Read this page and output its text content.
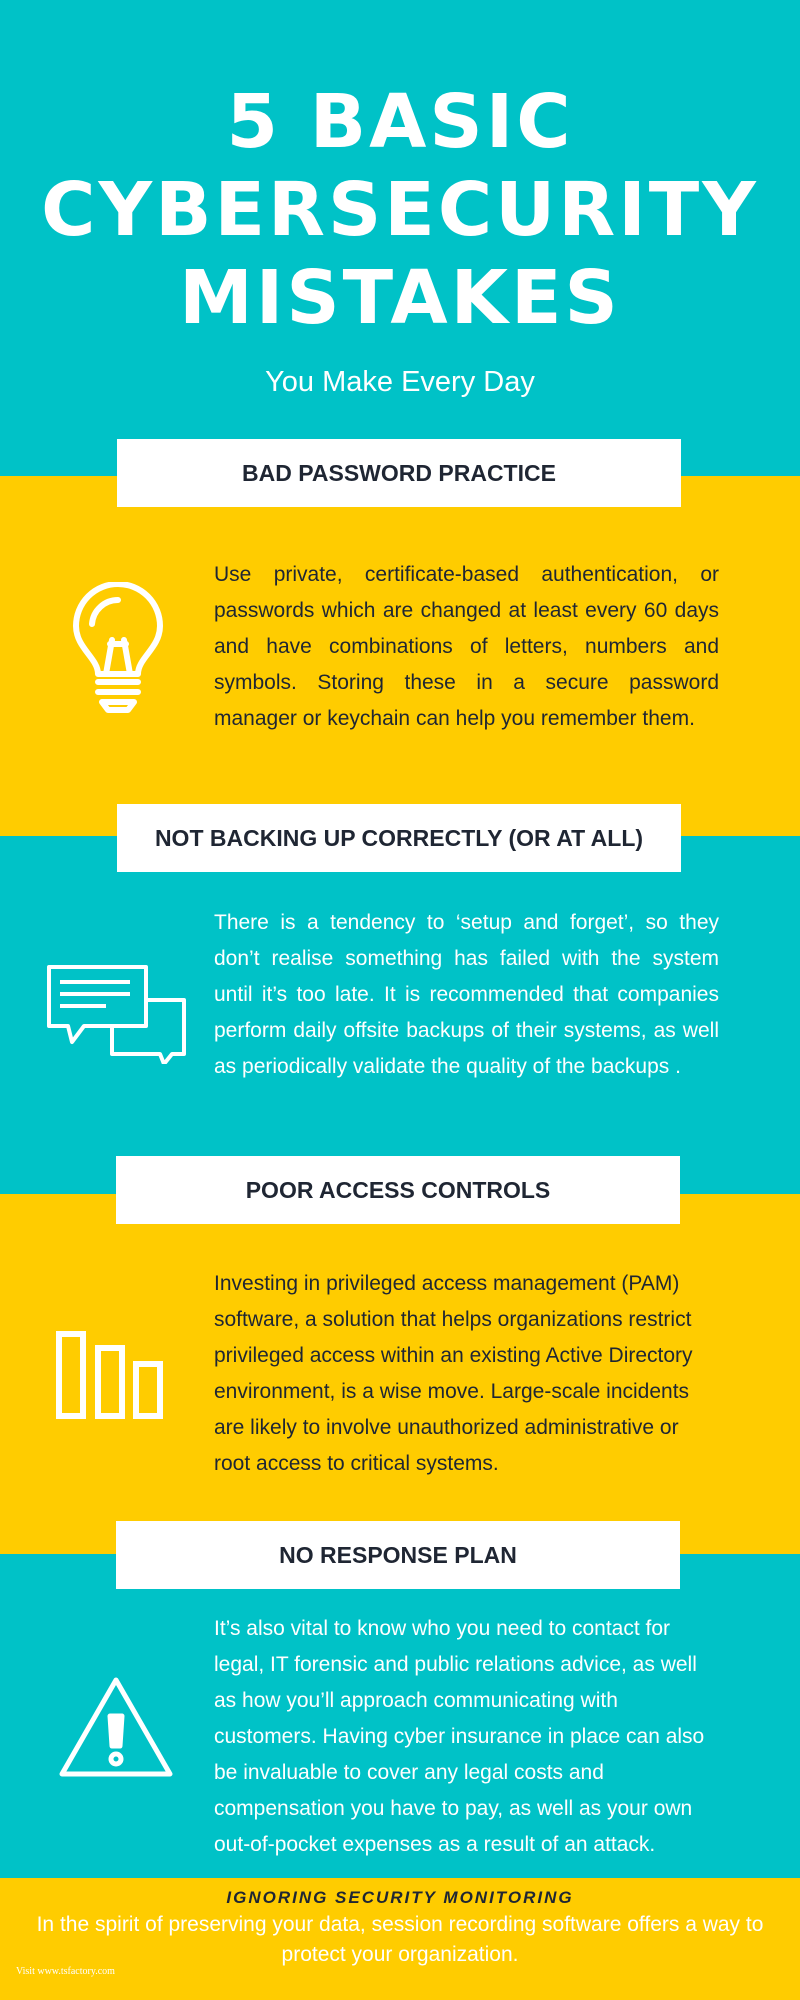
5 BASIC
CYBERSECURITY
MISTAKES
You Make Every Day
BAD PASSWORD PRACTICE
Use private, certificate-based authentication, or passwords which are changed at least every 60 days and have combinations of letters, numbers and symbols. Storing these in a secure password manager or keychain can help you remember them.
NOT BACKING UP CORRECTLY (OR AT ALL)
There is a tendency to ‘setup and forget’, so they don’t realise something has failed with the system until it’s too late. It is recommended that companies perform daily offsite backups of their systems, as well as periodically validate the quality of the backups .
POOR ACCESS CONTROLS
Investing in privileged access management (PAM) software, a solution that helps organizations restrict privileged access within an existing Active Directory environment, is a wise move. Large-scale incidents are likely to involve unauthorized administrative or root access to critical systems.
NO RESPONSE PLAN
It’s also vital to know who you need to contact for legal, IT forensic and public relations advice, as well as how you’ll approach communicating with customers. Having cyber insurance in place can also be invaluable to cover any legal costs and compensation you have to pay, as well as your own out-of-pocket expenses as a result of an attack.
IGNORING SECURITY MONITORING
In the spirit of preserving your data, session recording software offers a way to protect your organization.
Visit www.tsfactory.com
